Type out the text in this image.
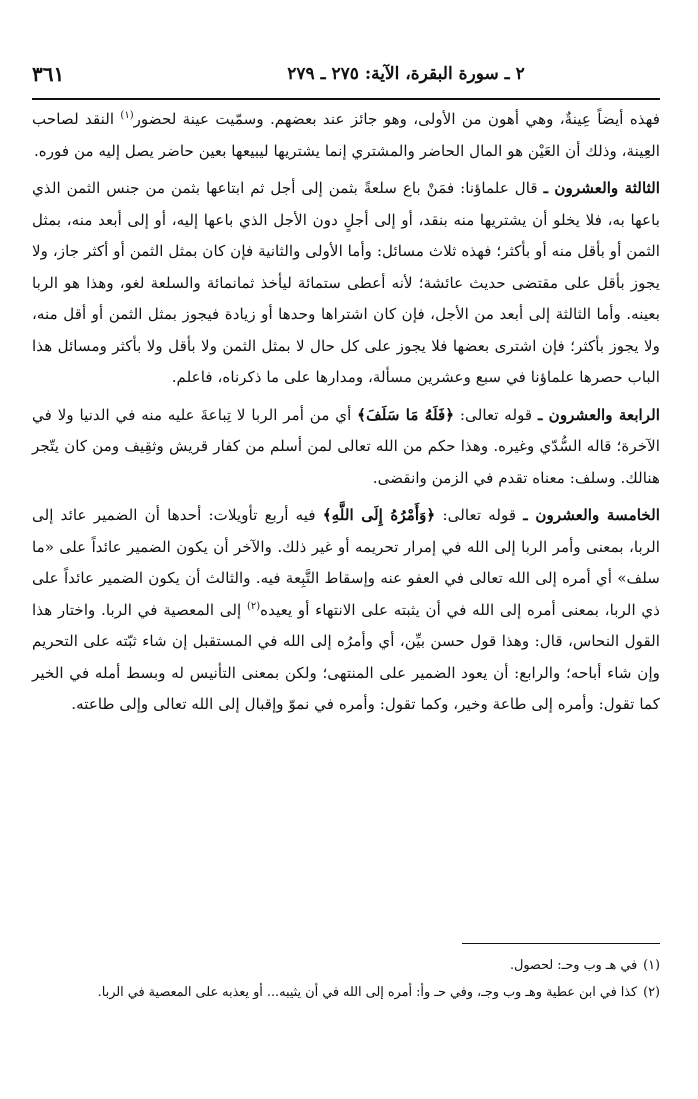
٢ ـ سورة البقرة، الآية: ٢٧٥ ـ ٢٧٩
٣٦١

فهذه أيضاً عِينةٌ، وهي أهون من الأولى، وهو جائز عند بعضهم. وسمّيت عينة لحضور$^{(١)}$ النقد لصاحب العِينة، وذلك أن العَيْن هو المال الحاضر والمشتري إنما يشتريها ليبيعها بعين حاضر يصل إليه من فوره.

الثالثة والعشرون ـ قال علماؤنا: فمَنْ باع سلعةً بثمن إلى أجل ثم ابتاعها بثمن من جنس الثمن الذي باعها به، فلا يخلو أن يشتريها منه بنقد، أو إلى أجلٍ دون الأجل الذي باعها إليه، أو إلى أبعد منه، بمثل الثمن أو بأقل منه أو بأكثر؛ فهذه ثلاث مسائل: وأما الأولى والثانية فإن كان بمثل الثمن أو أكثر جاز، ولا يجوز بأقل على مقتضى حديث عائشة؛ لأنه أعطى ستمائة ليأخذ ثمانمائة والسلعة لغو، وهذا هو الربا بعينه. وأما الثالثة إلى أبعد من الأجل، فإن كان اشتراها وحدها أو زيادة فيجوز بمثل الثمن أو أقل منه، ولا يجوز بأكثر؛ فإن اشترى بعضها فلا يجوز على كل حال لا بمثل الثمن ولا بأقل ولا بأكثر ومسائل هذا الباب حصرها علماؤنا في سبع وعشرين مسألة، ومدارها على ما ذكرناه، فاعلم.

الرابعة والعشرون ـ قوله تعالى: ﴿فَلَهُ مَا سَلَفَ﴾ أي من أمر الربا لا تِباعةَ عليه منه في الدنيا ولا في الآخرة؛ قاله السُّدّي وغيره. وهذا حكم من الله تعالى لمن أسلم من كفار قريش وثقِيف ومن كان يتّجر هنالك. وسلف: معناه تقدم في الزمن وانقضى.

الخامسة والعشرون ـ قوله تعالى: ﴿وَأَمْرُهُ إِلَى اللَّهِ﴾ فيه أربع تأويلات: أحدها أن الضمير عائد إلى الربا، بمعنى وأمر الربا إلى الله في إمرار تحريمه أو غير ذلك. والآخر أن يكون الضمير عائداً على «ما سلف» أي أمره إلى الله تعالى في العفو عنه وإسقاط التَّبِعة فيه. والثالث أن يكون الضمير عائداً على ذي الربا، بمعنى أمره إلى الله في أن يثبته على الانتهاء أو يعيده$^{(٢)}$ إلى المعصية في الربا. واختار هذا القول النحاس، قال: وهذا قول حسن بيِّن، أي وأمرُه إلى الله في المستقبل إن شاء ثبّته على التحريم وإن شاء أباحه؛ والرابع: أن يعود الضمير على المنتهى؛ ولكن بمعنى التأنيس له وبسط أمله في الخير كما تقول: وأمره إلى طاعة وخير، وكما تقول: وأمره في نموّ وإقبال إلى الله تعالى وإلى طاعته.

(١)في هـ وب وحـ: لحصول.

(٢)كذا في ابن عطية وهـ وب وجـ، وفي حـ وأ: أمره إلى الله في أن يثيبه... أو يعذبه على المعصية في الربا.
